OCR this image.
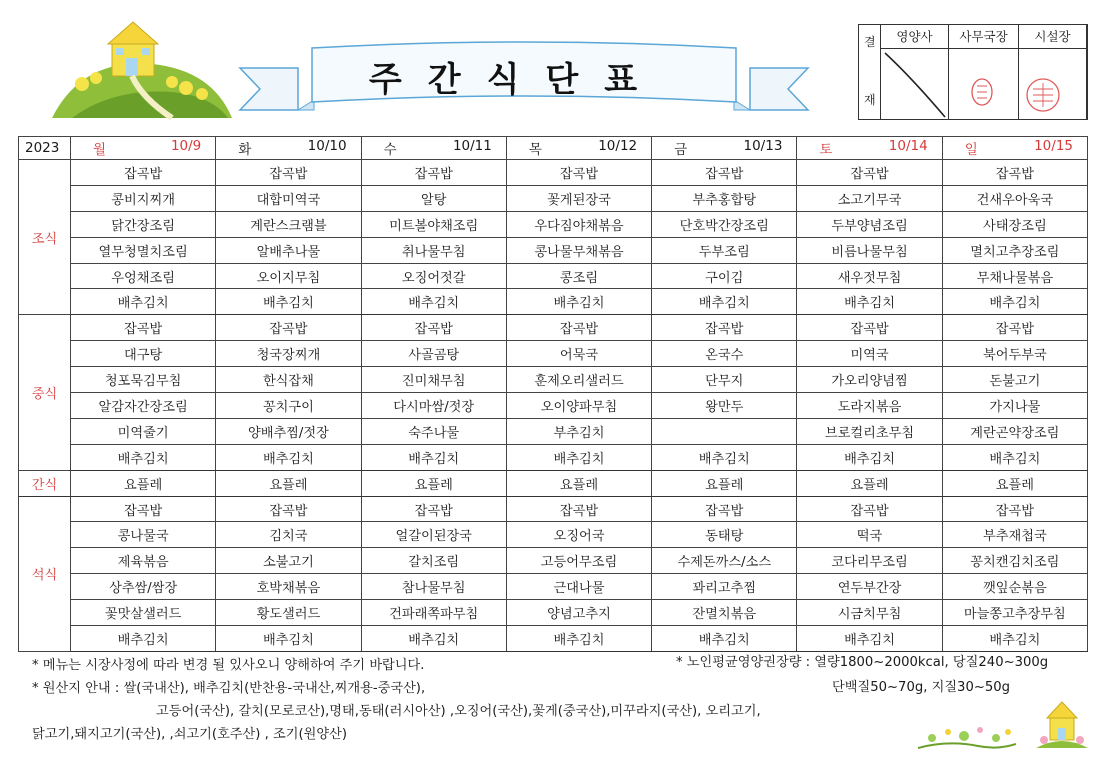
주간식단표
결
재
영양사	사무국장	시설장
2023	월 10/9	화 10/10	수 10/11	목 10/12	금 10/13	토 10/14	일 10/15

조식	잡곡밥	잡곡밥	잡곡밥	잡곡밥	잡곡밥	잡곡밥	잡곡밥
	콩비지찌개	대합미역국	알탕	꽃게된장국	부추홍합탕	소고기무국	건새우아욱국
	닭간장조림	계란스크램블	미트볼야채조림	우다짐야채볶음	단호박간장조림	두부양념조림	사태장조림
	열무청멸치조림	알배추나물	취나물무침	콩나물무채볶음	두부조림	비름나물무침	멸치고추장조림
	우엉채조림	오이지무침	오징어젓갈	콩조림	구이김	새우젓무침	무채나물볶음
	배추김치	배추김치	배추김치	배추김치	배추김치	배추김치	배추김치
중식	잡곡밥	잡곡밥	잡곡밥	잡곡밥	잡곡밥	잡곡밥	잡곡밥
	대구탕	청국장찌개	사골곰탕	어묵국	온국수	미역국	북어두부국
	청포묵김무침	한식잡채	진미채무침	훈제오리샐러드	단무지	가오리양념찜	돈불고기
	알감자간장조림	꽁치구이	다시마쌈/젓장	오이양파무침	왕만두	도라지볶음	가지나물
	미역줄기	양배추찜/젓장	숙주나물	부추김치		브로컬리초무침	계란곤약장조림
	배추김치	배추김치	배추김치	배추김치	배추김치	배추김치	배추김치
간식	요플레	요플레	요플레	요플레	요플레	요플레	요플레
석식	잡곡밥	잡곡밥	잡곡밥	잡곡밥	잡곡밥	잡곡밥	잡곡밥
	콩나물국	김치국	얼갈이된장국	오징어국	동태탕	떡국	부추재첩국
	제육볶음	소불고기	갈치조림	고등어무조림	수제돈까스/소스	코다리무조림	꽁치캔김치조림
	상추쌈/쌈장	호박채볶음	참나물무침	근대나물	꽈리고추찜	연두부간장	깻잎순볶음
	꽃맛살샐러드	황도샐러드	건파래쪽파무침	양념고추지	잔멸치볶음	시금치무침	마늘쫑고추장무침
	배추김치	배추김치	배추김치	배추김치	배추김치	배추김치	배추김치
* 메뉴는 시장사정에 따라 변경 될 있사오니 양해하여 주기 바랍니다.
* 원산지 안내 : 쌀(국내산), 배추김치(반찬용-국내산,찌개용-중국산),
고등어(국산), 갈치(모로코산),명태,동태(러시아산) ,오징어(국산),꽃게(중국산),미꾸라지(국산), 오리고기,
닭고기,돼지고기(국산), ,쇠고기(호주산) , 조기(원양산)
* 노인평균영양권장량 : 열량1800~2000kcal, 당질240~300g
단백질50~70g, 지질30~50g
